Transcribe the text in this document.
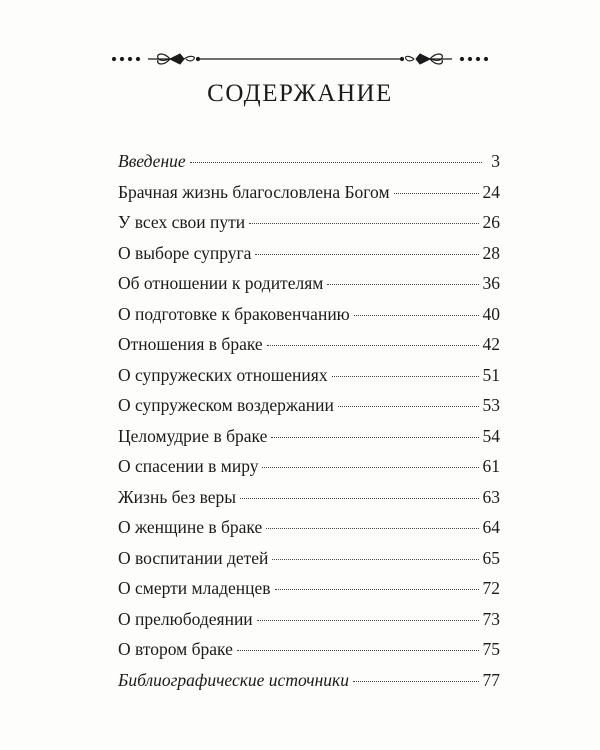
СОДЕРЖАНИЕ
Введение	3
Брачная жизнь благословлена Богом	24
У всех свои пути	26
О выборе супруга	28
Об отношении к родителям	36
О подготовке к браковенчанию	40
Отношения в браке	42
О супружеских отношениях	51
О супружеском воздержании	53
Целомудрие в браке	54
О спасении в миру	61
Жизнь без веры	63
О женщине в браке	64
О воспитании детей	65
О смерти младенцев	72
О прелюбодеянии	73
О втором браке	75
Библиографические источники	77
